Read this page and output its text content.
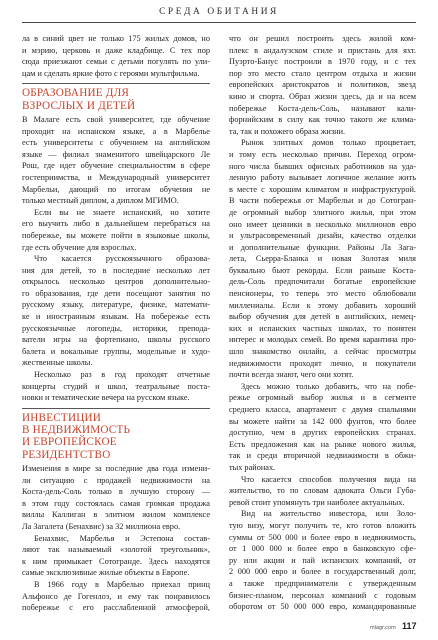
СРЕДА ОБИТАНИЯ
ла в синий цвет не только 175 жилых домов, но
и мэрию, церковь и даже кладбище. С тех пор
сюда приезжают семьи с детьми погулять по ули-
цам и сделать яркие фото с героями мультфильма.
ОБРАЗОВАНИЕ ДЛЯ
ВЗРОСЛЫХ И ДЕТЕЙ
В Малаге есть свой университет, где обучение
проходит на испанском языке, а в Марбелье
есть университеты с обучением на английском
языке — филиал знаменитого швейцарского Ле
Рош, где идет обучение специальностям в сфере
гостеприимства, и Международный университет
Марбельи, дающий по итогам обучения не
только местный диплом, а диплом МГИМО.
Если вы не знаете испанский, но хотите
его выучить либо в дальнейшем перебраться на
побережье, вы можете пойти в языковые школы,
где есть обучение для взрослых.
Что касается русскоязычного образова-
ния для детей, то в последние несколько лет
открылось несколько центров дополнительно-
го образования, где дети посещают занятия по
русскому языку, литературе, физике, математи-
ке и иностранным языкам. На побережье есть
русскоязычные логопеды, историки, препода-
ватели игры на фортепиано, школы русского
балета и вокальные группы, модельные и худо-
жественные школы.
Несколько раз в год проходят отчетные
концерты студий и школ, театральные поста-
новки и тематические вечера на русском языке.
ИНВЕСТИЦИИ
В НЕДВИЖИМОСТЬ
И ЕВРОПЕЙСКОЕ
РЕЗИДЕНТСТВО
Изменения в мире за последние два года измени-
ли ситуацию с продажей недвижимости на
Коста-дель-Соль только в лучшую сторону —
в этом году состоялась самая громкая продажа
виллы Каллиган в элитном жилом комплексе
Ла Загалета (Бенахвис) за 32 миллиона евро.
Бенахвис, Марбелья и Эстепона состав-
ляют так называемый «золотой треугольник»,
к ним примыкает Сотогранде. Здесь находятся
самые эксклюзивные жилые объекты в Европе.
В 1966 году в Марбелью приехал принц
Альфонсо де Гогенлоэ, и ему так понравилось
побережье с его расслабленной атмосферой,
что он решил построить здесь жилой ком-
плекс в андалузском стиле и пристань для яхт.
Пуэрто-Банус построили в 1970 году, и с тех
пор это место стало центром отдыха и жизни
европейских аристократов и политиков, звезд
кино и спорта. Образ жизни здесь, да и на всем
побережье Коста-дель-Соль, называют кали-
форнийским в силу как точно такого же клима-
та, так и похожего образа жизни.
Рынок элитных домов только процветает,
и тому есть несколько причин. Переход огром-
ного числа бывших офисных работников на уда-
ленную работу вызывает логичное желание жить
в месте с хорошим климатом и инфраструктурой.
В части побережья от Марбельи и до Сотогран-
де огромный выбор элитного жилья, при этом
оно имеет ценники в несколько миллионов евро
и ультрасовременный дизайн, качество отделки
и дополнительные функции. Районы Ла Зага-
лета, Сьерра-Бланка и новая Золотая миля
буквально бьют рекорды. Если раньше Коста-
дель-Соль предпочитали богатые европейские
пенсионеры, то теперь это место облюбовали
миллениалы. Если к этому добавить хороший
выбор обучения для детей в английских, немец-
ких и испанских частных школах, то понятен
интерес и молодых семей. Во время карантина про-
шло знакомство онлайн, а сейчас просмотры
недвижимости проходят лично, и покупатели
почти всегда знают, чего они хотят.
Здесь можно только добавить, что на побе-
режье огромный выбор жилья и в сегменте
среднего класса, апартамент с двумя спальнями
вы можете найти за 142 000 фунтов, что более
доступно, чем в других европейских странах.
Есть предложения как на рынке нового жилья,
так и среди вторичной недвижимости в обжи-
тых районах.
Что касается способов получения вида на
жительство, то по словам адвоката Ольги Губа-
ревой стоит упомянуть три наиболее актуальных.
Вид на жительство инвестора, или Золо-
тую визу, могут получить те, кто готов вложить
суммы от 500 000 и более евро в недвижимость,
от 1 000 000 и более евро в банковскую сфе-
ру или акции и пай испанских компаний, от
2 000 000 евро и более в государственный долг,
а также предприниматели с утвержденным
бизнес-планом, персонал компаний с годовым
оборотом от 50 000 000 евро, командированные
mlagr.com 117
